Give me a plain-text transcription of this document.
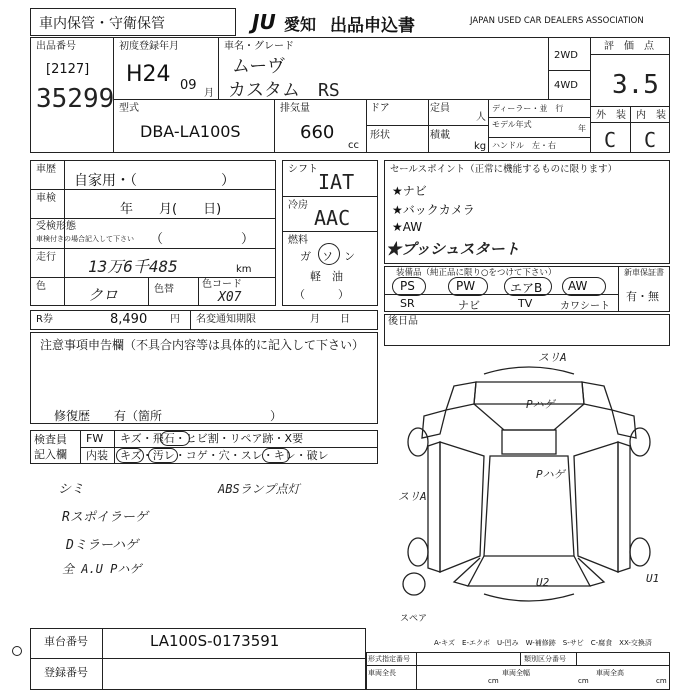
車内保管・守衛保管	JU 愛知 出品申込書	JAPAN USED CAR DEALERS ASSOCIATION
出品番号
[2127]
35299
初度登録年月
H24 09
月
車名・グレード
ムーヴ
カスタム　RS
2WD
4WD
評　価　点
3.5
外　装 内　装
C C
型式
DBA-LA100S
排気量
660
cc
ドア	定員
人
形状	積載
kg
ディーラー・並　行
モデル年式	年
ハンドル　左・右
車歴
自家用・（　　　　　　）
車検
年　　月(　　日)
受検形態
車検付きの場合記入して下さい （　　　　　　）
走行 13万6千485	km
色	クロ	色替	色コード
X07
シフト
IAT
冷房
AAC
燃料
ガ　ソ　ン
軽　油
（　　　）
セールスポイント（正常に機能するものに限ります）
★ナビ
★バックカメラ
★AW
★プッシュスタート
装備品（純正品に限り○をつけて下さい）
PS	PW	エアB AW
SR	ナビ	TV	カワシート
新車保証書
有・無
R券	8,490 円 名変通知期限	月　　日	後日品
注意事項申告欄（不具合内容等は具体的に記入して下さい）
修復歴　　有（箇所　　　　　　　　　）
検査員
記入欄
FW キズ・飛石・ヒビ割・リペア跡・X要
内装 キズ・汚レ・コゲ・穴・スレ・キレ・破レ
シミ	ABSランプ点灯
Rスポイラーゲ
Dミラーハゲ
全 A.U Pハゲ
スリA
Pハゲ
Pハゲ
スリA
U2	U1
スペア
A-キズ　E-エクボ　U-凹み　W-補修跡　S-サビ　C-腐食　XX-交換済
車台番号	LA100S-0173591
登録番号
形式指定番号	類別区分番号
車両全長
cm
車両全幅
cm
車両全高
cm
